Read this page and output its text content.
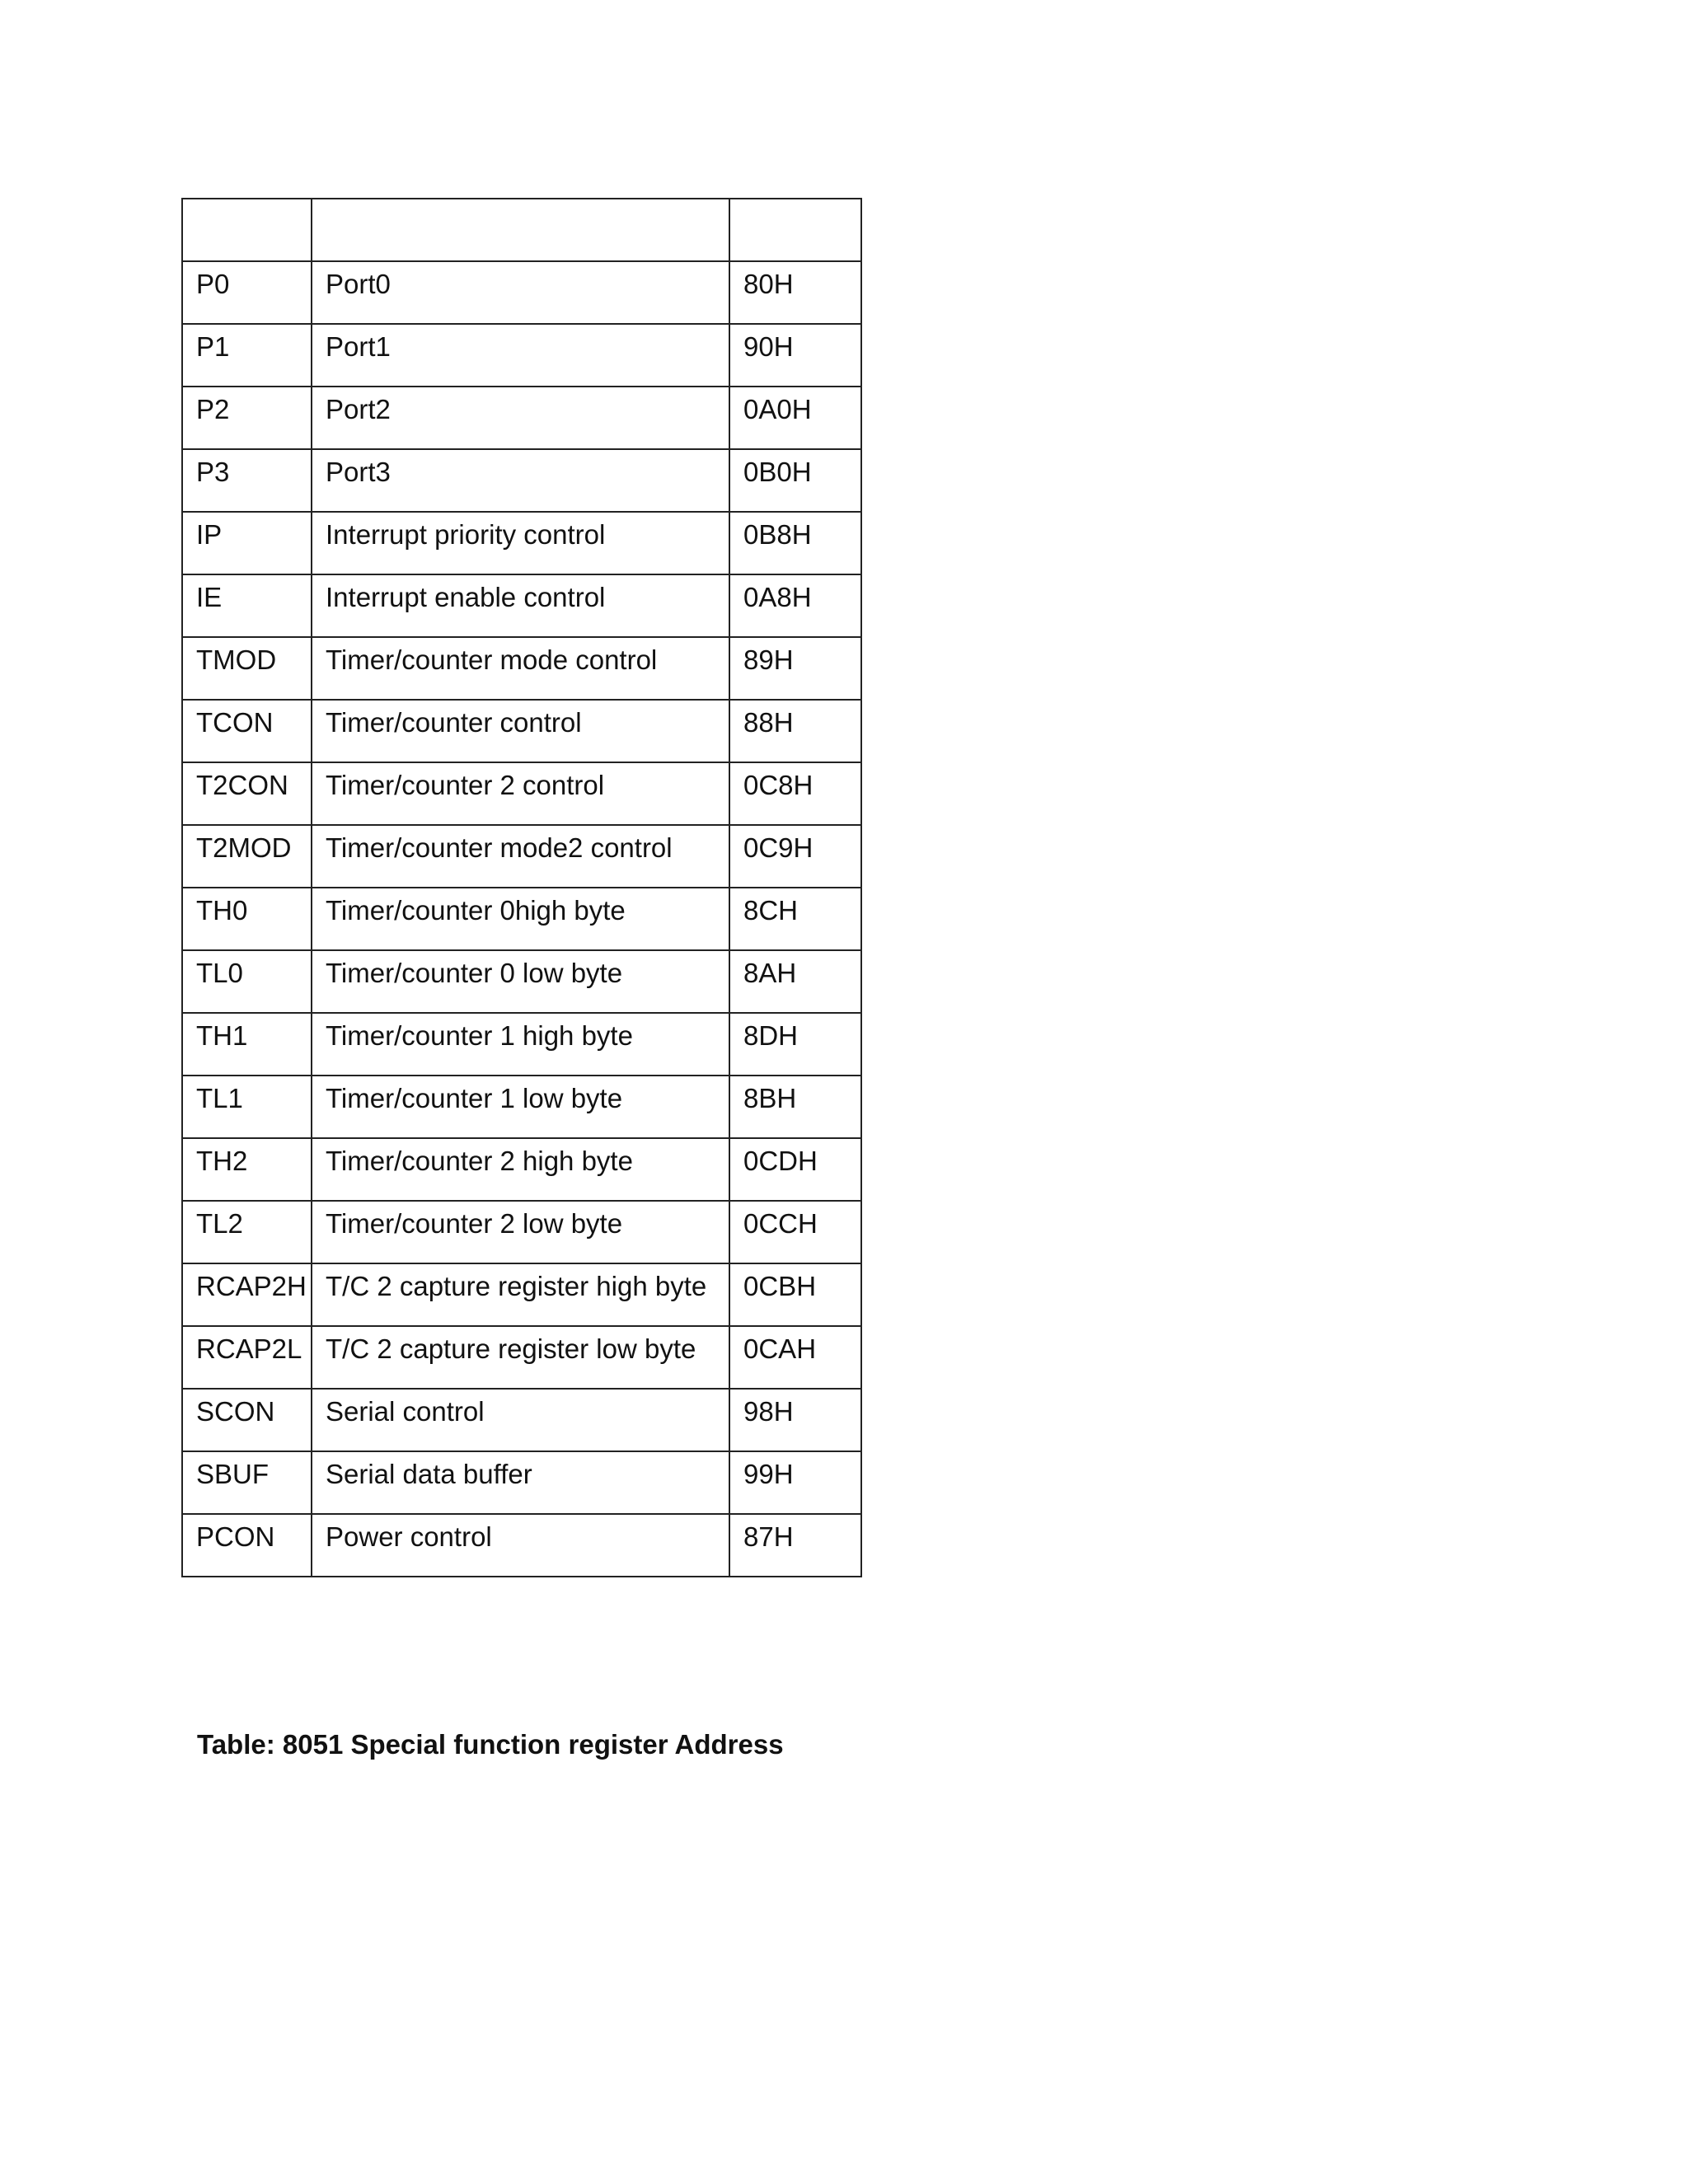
P0	Port0	80H

P1	Port1	90H

P2	Port2	0A0H

P3	Port3	0B0H

IP	Interrupt priority control	0B8H

IE	Interrupt enable control	0A8H

TMOD	Timer/counter mode control	89H

TCON	Timer/counter control	88H

T2CON	Timer/counter 2 control	0C8H

T2MOD	Timer/counter mode2 control	0C9H

TH0	Timer/counter 0high byte	8CH

TL0	Timer/counter 0 low byte	8AH

TH1	Timer/counter 1 high byte	8DH

TL1	Timer/counter 1 low byte	8BH

TH2	Timer/counter 2 high byte	0CDH

TL2	Timer/counter 2 low byte	0CCH

RCAP2H	T/C 2 capture register high byte	0CBH

RCAP2L	T/C 2 capture register low byte	0CAH

SCON	Serial control	98H

SBUF	Serial data buffer	99H

PCON	Power control	87H
Table: 8051 Special function register Address
